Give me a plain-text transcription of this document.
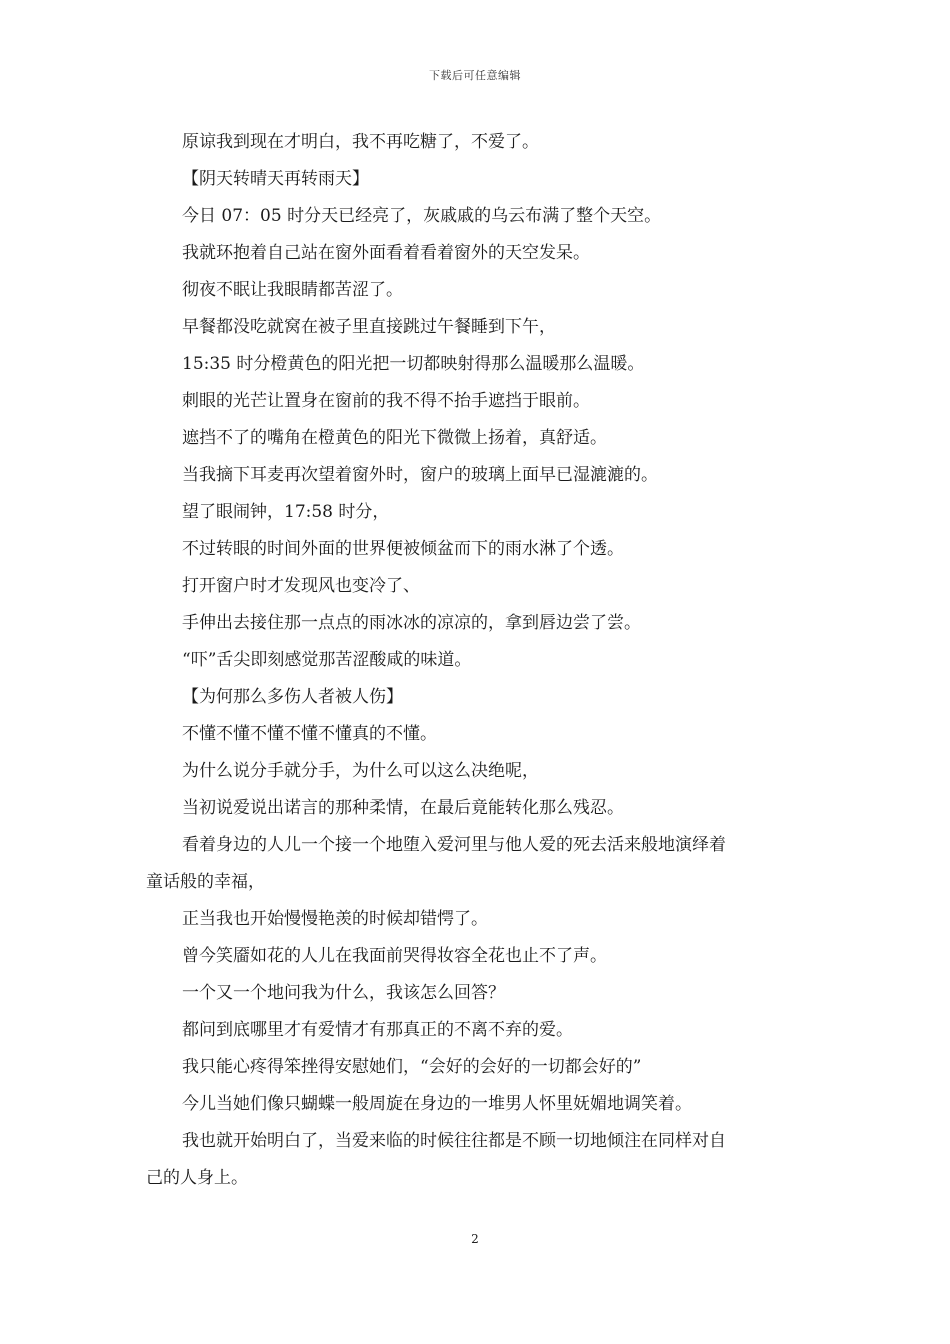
下载后可任意编辑
原谅我到现在才明白，我不再吃糖了，不爱了。
【阴天转晴天再转雨天】
今日 07：05 时分天已经亮了，灰戚戚的乌云布满了整个天空。
我就环抱着自己站在窗外面看着看着窗外的天空发呆。
彻夜不眠让我眼睛都苦涩了。
早餐都没吃就窝在被子里直接跳过午餐睡到下午，
15:35 时分橙黄色的阳光把一切都映射得那么温暖那么温暖。
刺眼的光芒让置身在窗前的我不得不抬手遮挡于眼前。
遮挡不了的嘴角在橙黄色的阳光下微微上扬着，真舒适。
当我摘下耳麦再次望着窗外时，窗户的玻璃上面早已湿漉漉的。
望了眼闹钟，17:58 时分，
不过转眼的时间外面的世界便被倾盆而下的雨水淋了个透。
打开窗户时才发现风也变冷了、
手伸出去接住那一点点的雨冰冰的凉凉的，拿到唇边尝了尝。
“吓”舌尖即刻感觉那苦涩酸咸的味道。
【为何那么多伤人者被人伤】
不懂不懂不懂不懂不懂真的不懂。
为什么说分手就分手，为什么可以这么决绝呢，
当初说爱说出诺言的那种柔情，在最后竟能转化那么残忍。
看着身边的人儿一个接一个地堕入爱河里与他人爱的死去活来般地演绎着
童话般的幸福，
正当我也开始慢慢艳羡的时候却错愕了。
曾今笑靥如花的人儿在我面前哭得妆容全花也止不了声。
一个又一个地问我为什么，我该怎么回答？
都问到底哪里才有爱情才有那真正的不离不弃的爱。
我只能心疼得笨挫得安慰她们，“会好的会好的一切都会好的”
今儿当她们像只蝴蝶一般周旋在身边的一堆男人怀里妩媚地调笑着。
我也就开始明白了，当爱来临的时候往往都是不顾一切地倾注在同样对自
己的人身上。
2
